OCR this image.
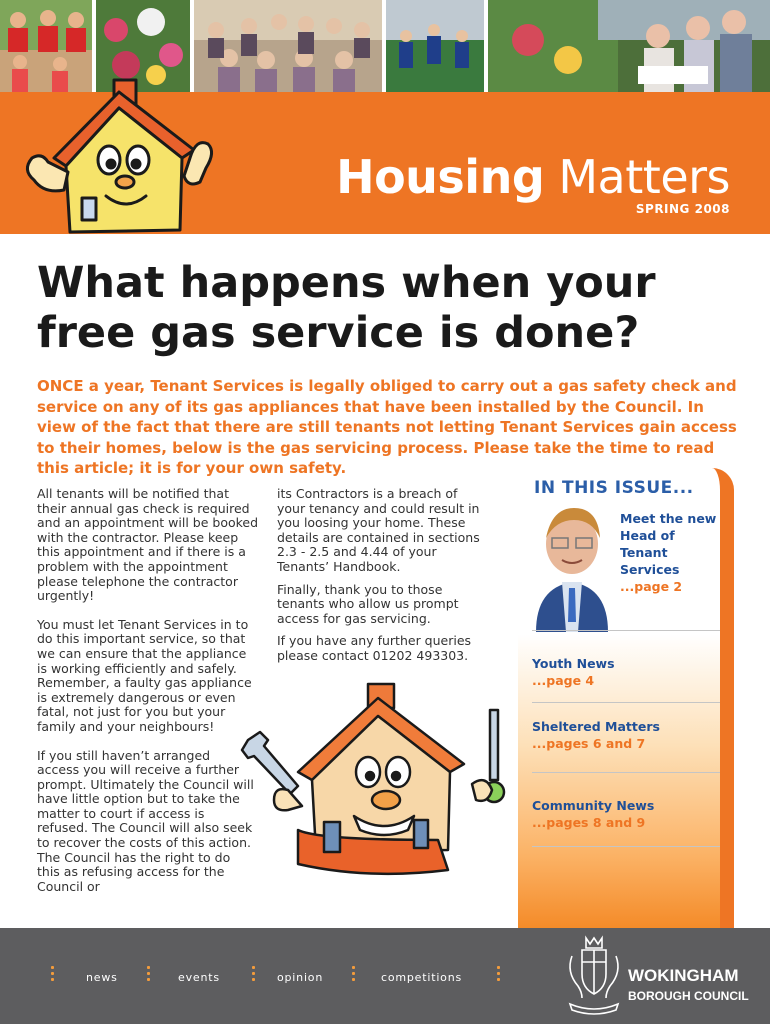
Housing Matters
SPRING 2008
What happens when your
free gas service is done?
ONCE a year, Tenant Services is legally obliged to carry out a gas safety check and service on any of its gas appliances that have been installed by the Council. In view of the fact that there are still tenants not letting Tenant Services gain access to their homes, below is the gas servicing process. Please take the time to read this article; it is for your own safety.

All tenants will be notified that their annual gas check is required and an appointment will be booked with the contractor. Please keep this appointment and if there is a problem with the appointment please telephone the contractor urgently!

You must let Tenant Services in to do this important service, so that we can ensure that the appliance is working efficiently and safely. Remember, a faulty gas appliance is extremely dangerous or even fatal, not just for you but your family and your neighbours!

If you still haven’t arranged access you will receive a further prompt. Ultimately the Council will have little option but to take the matter to court if access is refused. The Council will also seek to recover the costs of this action. The Council has the right to do this as refusing access for the Council or

its Contractors is a breach of your tenancy and could result in you loosing your home. These details are contained in sections 2.3 - 2.5 and 4.44 of your Tenants’ Handbook.

Finally, thank you to those tenants who allow us prompt access for gas servicing.

If you have any further queries please contact 01202 493303.

IN THIS ISSUE...
Meet the new
Head of
Tenant
Services
...page 2
Youth News
...page 4
Sheltered Matters
...pages 6 and 7
Community News
...pages 8 and 9
news	events	opinion	competitions	WOKINGHAM
BOROUGH COUNCIL
